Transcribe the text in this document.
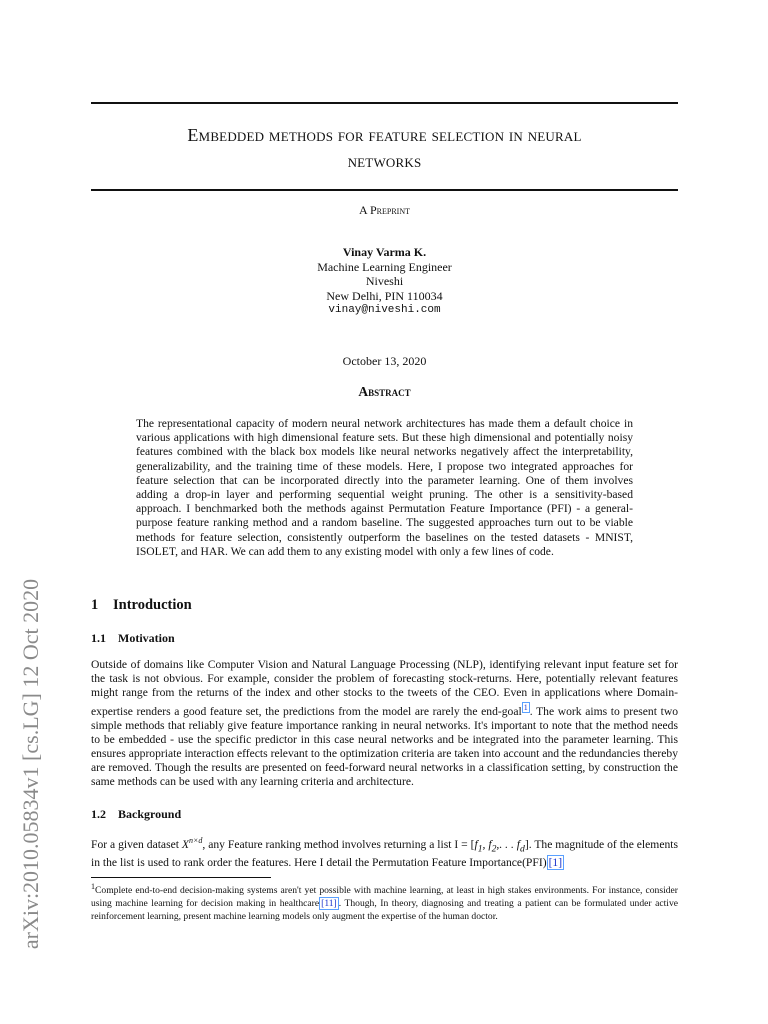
arXiv:2010.05834v1 [cs.LG] 12 Oct 2020
Embedded methods for feature selection in neural
networks
A Preprint
Vinay Varma K.
Machine Learning Engineer
Niveshi
New Delhi, PIN 110034
vinay@niveshi.com
October 13, 2020
Abstract
The representational capacity of modern neural network architectures has made them a default choice in various applications with high dimensional feature sets. But these high dimensional and potentially noisy features combined with the black box models like neural networks negatively affect the interpretability, generalizability, and the training time of these models. Here, I propose two integrated approaches for feature selection that can be incorporated directly into the parameter learning. One of them involves adding a drop-in layer and performing sequential weight pruning. The other is a sensitivity-based approach. I benchmarked both the methods against Permutation Feature Importance (PFI) - a general-purpose feature ranking method and a random baseline. The suggested approaches turn out to be viable methods for feature selection, consistently outperform the baselines on the tested datasets - MNIST, ISOLET, and HAR. We can add them to any existing model with only a few lines of code.
1 Introduction
1.1 Motivation
Outside of domains like Computer Vision and Natural Language Processing (NLP), identifying relevant input feature set for the task is not obvious. For example, consider the problem of forecasting stock-returns. Here, potentially relevant features might range from the returns of the index and other stocks to the tweets of the CEO. Even in applications where Domain-expertise renders a good feature set, the predictions from the model are rarely the end-goal $^1$ . The work aims to present two simple methods that reliably give feature importance ranking in neural networks. It's important to note that the method needs to be embedded - use the specific predictor in this case neural networks and be integrated into the parameter learning. This ensures appropriate interaction effects relevant to the optimization criteria are taken into account and the redundancies thereby are removed. Though the results are presented on feed-forward neural networks in a classification setting, by construction the same methods can be used with any learning criteria and architecture.
1.2 Background
For a given dataset $X^{n\times d}$, any Feature ranking method involves returning a list $I = [f_1$, $f_2$,. . . $f_d$]. The magnitude of the elements in the list is used to rank order the features. Here I detail the Permutation Feature Importance(PFI) [1]
$^1$Complete end-to-end decision-making systems aren't yet possible with machine learning, at least in high stakes environments. For instance, consider using machine learning for decision making in healthcare [11] . Though, In theory, diagnosing and treating a patient can be formulated under active reinforcement learning, present machine learning models only augment the expertise of the human doctor.
